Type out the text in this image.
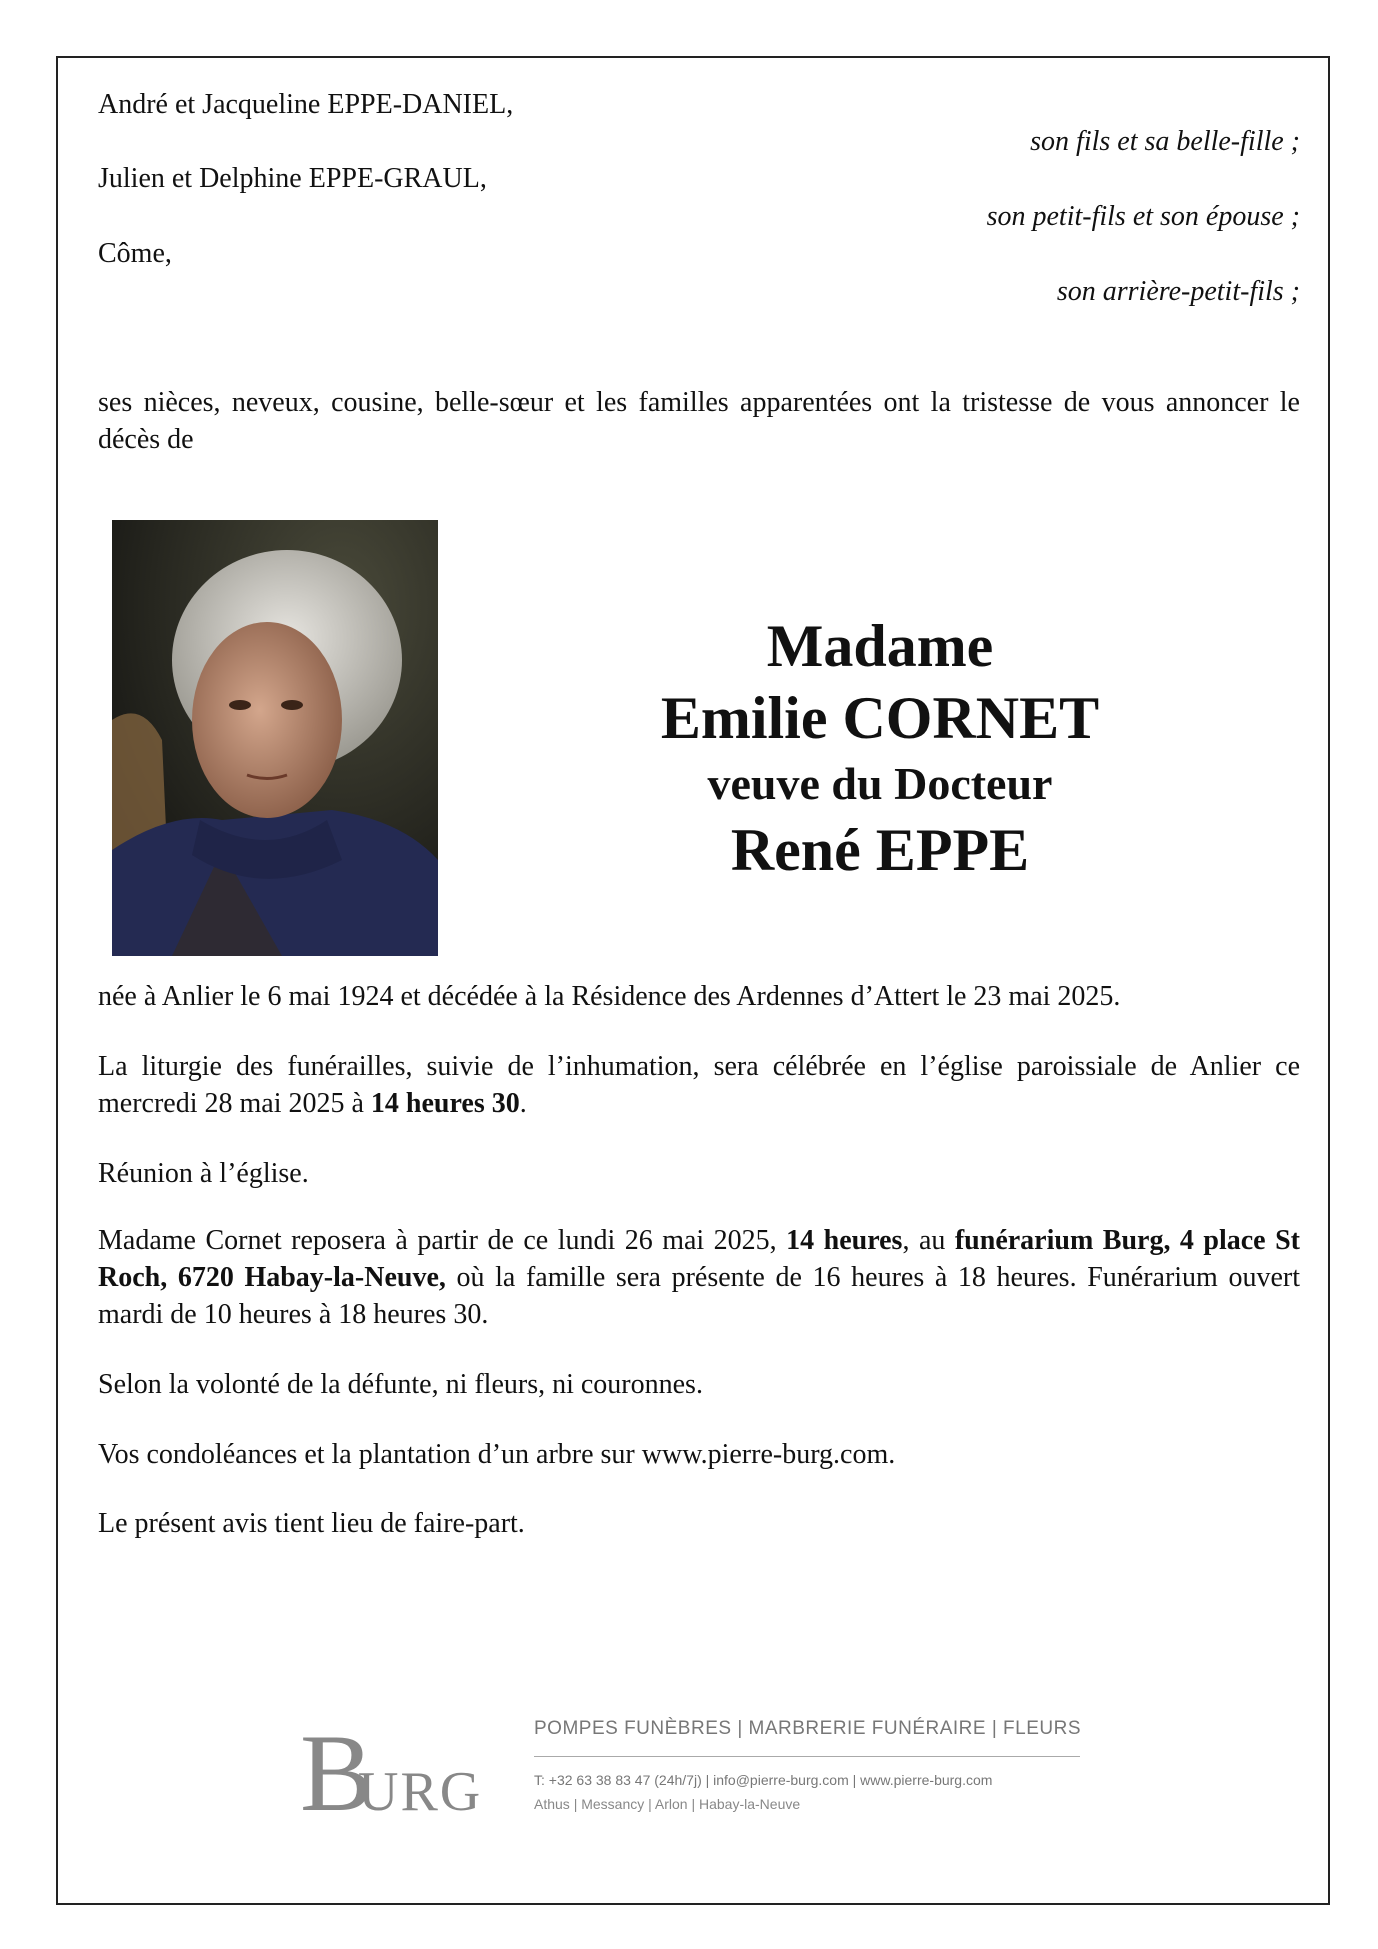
André et Jacqueline EPPE-DANIEL,
son fils et sa belle-fille ;
Julien et Delphine EPPE-GRAUL,
son petit-fils et son épouse ;
Côme,
son arrière-petit-fils ;
ses nièces, neveux, cousine, belle-sœur et les familles apparentées ont la tristesse de vous annoncer le décès de
Madame
Emilie CORNET
veuve du Docteur
René EPPE
née à Anlier le 6 mai 1924 et décédée à la Résidence des Ardennes d’Attert le 23 mai 2025.
La liturgie des funérailles, suivie de l’inhumation, sera célébrée en l’église paroissiale de Anlier ce mercredi 28 mai 2025 à 14 heures 30.
Réunion à l’église.
Madame Cornet reposera à partir de ce lundi 26 mai 2025, 14 heures, au funérarium Burg, 4 place St Roch, 6720 Habay-la-Neuve, où la famille sera présente de 16 heures à 18 heures. Funérarium ouvert mardi de 10 heures à 18 heures 30.
Selon la volonté de la défunte, ni fleurs, ni couronnes.
Vos condoléances et la plantation d’un arbre sur www.pierre-burg.com.
Le présent avis tient lieu de faire-part.
B
URG
POMPES FUNÈBRES | MARBRERIE FUNÉRAIRE | FLEURS
T: +32 63 38 83 47 (24h/7j) | info@pierre-burg.com | www.pierre-burg.com
Athus | Messancy | Arlon | Habay-la-Neuve
